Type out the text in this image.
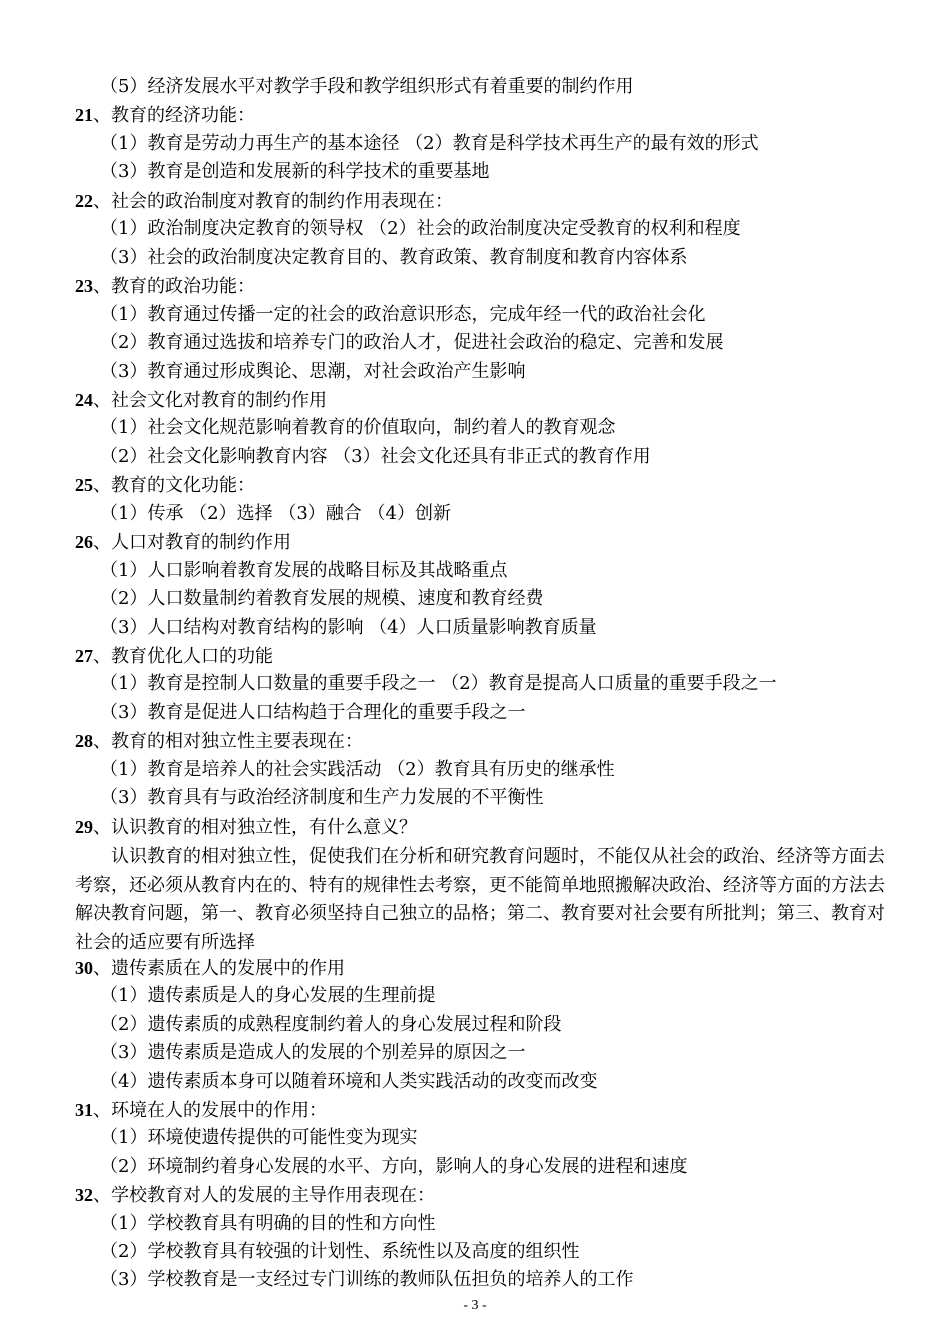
（5）经济发展水平对教学手段和教学组织形式有着重要的制约作用
21、教育的经济功能：
（1）教育是劳动力再生产的基本途径 （2）教育是科学技术再生产的最有效的形式
（3）教育是创造和发展新的科学技术的重要基地
22、社会的政治制度对教育的制约作用表现在：
（1）政治制度决定教育的领导权 （2）社会的政治制度决定受教育的权利和程度
（3）社会的政治制度决定教育目的、教育政策、教育制度和教育内容体系
23、教育的政治功能：
（1）教育通过传播一定的社会的政治意识形态，完成年经一代的政治社会化
（2）教育通过选拔和培养专门的政治人才，促进社会政治的稳定、完善和发展
（3）教育通过形成舆论、思潮，对社会政治产生影响
24、社会文化对教育的制约作用
（1）社会文化规范影响着教育的价值取向，制约着人的教育观念
（2）社会文化影响教育内容 （3）社会文化还具有非正式的教育作用
25、教育的文化功能：
（1）传承 （2）选择 （3）融合 （4）创新
26、人口对教育的制约作用
（1）人口影响着教育发展的战略目标及其战略重点
（2）人口数量制约着教育发展的规模、速度和教育经费
（3）人口结构对教育结构的影响 （4）人口质量影响教育质量
27、教育优化人口的功能
（1）教育是控制人口数量的重要手段之一 （2）教育是提高人口质量的重要手段之一
（3）教育是促进人口结构趋于合理化的重要手段之一
28、教育的相对独立性主要表现在：
（1）教育是培养人的社会实践活动 （2）教育具有历史的继承性
（3）教育具有与政治经济制度和生产力发展的不平衡性
29、认识教育的相对独立性，有什么意义？
认识教育的相对独立性，促使我们在分析和研究教育问题时，不能仅从社会的政治、经济等方面去考察，还必须从教育内在的、特有的规律性去考察，更不能简单地照搬解决政治、经济等方面的方法去解决教育问题，第一、教育必须坚持自己独立的品格；第二、教育要对社会要有所批判；第三、教育对社会的适应要有所选择
30、遗传素质在人的发展中的作用
（1）遗传素质是人的身心发展的生理前提
（2）遗传素质的成熟程度制约着人的身心发展过程和阶段
（3）遗传素质是造成人的发展的个别差异的原因之一
（4）遗传素质本身可以随着环境和人类实践活动的改变而改变
31、环境在人的发展中的作用：
（1）环境使遗传提供的可能性变为现实
（2）环境制约着身心发展的水平、方向，影响人的身心发展的进程和速度
32、学校教育对人的发展的主导作用表现在：
（1）学校教育具有明确的目的性和方向性
（2）学校教育具有较强的计划性、系统性以及高度的组织性
（3）学校教育是一支经过专门训练的教师队伍担负的培养人的工作
- 3 -
